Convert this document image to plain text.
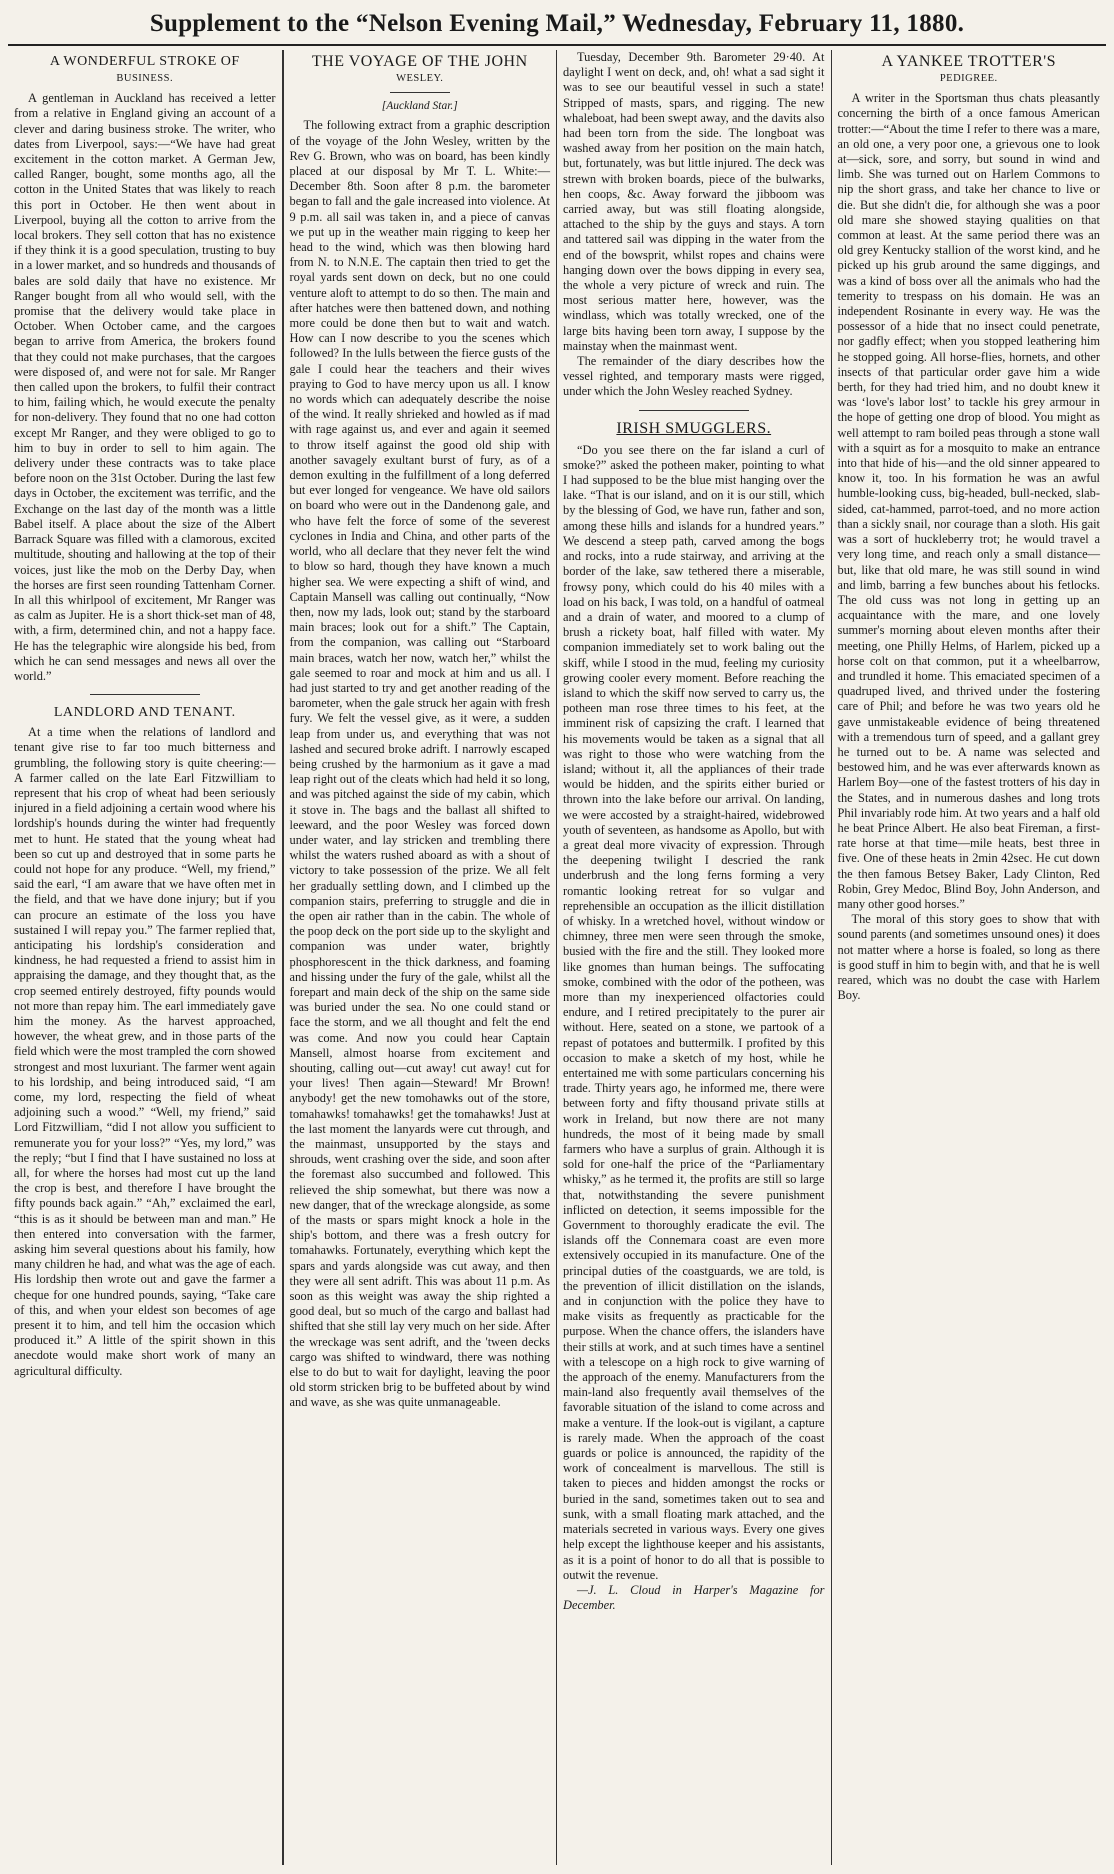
Supplement to the “Nelson Evening Mail,” Wednesday, February 11, 1880.
A WONDERFUL STROKE OF
BUSINESS.

A gentleman in Auckland has received a letter from a relative in England giving an account of a clever and daring business stroke. The writer, who dates from Liverpool, says:—“We have had great excitement in the cotton market. A German Jew, called Ranger, bought, some months ago, all the cotton in the United States that was likely to reach this port in October. He then went about in Liverpool, buying all the cotton to arrive from the local brokers. They sell cotton that has no existence if they think it is a good speculation, trusting to buy in a lower market, and so hundreds and thousands of bales are sold daily that have no existence. Mr Ranger bought from all who would sell, with the promise that the delivery would take place in October. When October came, and the cargoes began to arrive from America, the brokers found that they could not make purchases, that the cargoes were disposed of, and were not for sale. Mr Ranger then called upon the brokers, to fulfil their contract to him, failing which, he would execute the penalty for non-delivery. They found that no one had cotton except Mr Ranger, and they were obliged to go to him to buy in order to sell to him again. The delivery under these contracts was to take place before noon on the 31st October. During the last few days in October, the excitement was terrific, and the Exchange on the last day of the month was a little Babel itself. A place about the size of the Albert Barrack Square was filled with a clamorous, excited multitude, shouting and hallowing at the top of their voices, just like the mob on the Derby Day, when the horses are first seen rounding Tattenham Corner. In all this whirlpool of excitement, Mr Ranger was as calm as Jupiter. He is a short thick-set man of 48, with, a firm, determined chin, and not a happy face. He has the telegraphic wire alongside his bed, from which he can send messages and news all over the world.”

LANDLORD AND TENANT.

At a time when the relations of landlord and tenant give rise to far too much bitterness and grumbling, the following story is quite cheering:—A farmer called on the late Earl Fitzwilliam to represent that his crop of wheat had been seriously injured in a field adjoining a certain wood where his lordship's hounds during the winter had frequently met to hunt. He stated that the young wheat had been so cut up and destroyed that in some parts he could not hope for any produce. “Well, my friend,” said the earl, “I am aware that we have often met in the field, and that we have done injury; but if you can procure an estimate of the loss you have sustained I will repay you.” The farmer replied that, anticipating his lordship's consideration and kindness, he had requested a friend to assist him in appraising the damage, and they thought that, as the crop seemed entirely destroyed, fifty pounds would not more than repay him. The earl immediately gave him the money. As the harvest approached, however, the wheat grew, and in those parts of the field which were the most trampled the corn showed strongest and most luxuriant. The farmer went again to his lordship, and being introduced said, “I am come, my lord, respecting the field of wheat adjoining such a wood.” “Well, my friend,” said Lord Fitzwilliam, “did I not allow you sufficient to remunerate you for your loss?” “Yes, my lord,” was the reply; “but I find that I have sustained no loss at all, for where the horses had most cut up the land the crop is best, and therefore I have brought the fifty pounds back again.” “Ah,” exclaimed the earl, “this is as it should be between man and man.” He then entered into conversation with the farmer, asking him several questions about his family, how many children he had, and what was the age of each. His lordship then wrote out and gave the farmer a cheque for one hundred pounds, saying, “Take care of this, and when your eldest son becomes of age present it to him, and tell him the occasion which produced it.” A little of the spirit shown in this anecdote would make short work of many an agricultural difficulty.

THE VOYAGE OF THE JOHN
WESLEY.
[Auckland Star.]

The following extract from a graphic description of the voyage of the John Wesley, written by the Rev G. Brown, who was on board, has been kindly placed at our disposal by Mr T. L. White:—December 8th. Soon after 8 p.m. the barometer began to fall and the gale increased into violence. At 9 p.m. all sail was taken in, and a piece of canvas we put up in the weather main rigging to keep her head to the wind, which was then blowing hard from N. to N.N.E. The captain then tried to get the royal yards sent down on deck, but no one could venture aloft to attempt to do so then. The main and after hatches were then battened down, and nothing more could be done then but to wait and watch. How can I now describe to you the scenes which followed? In the lulls between the fierce gusts of the gale I could hear the teachers and their wives praying to God to have mercy upon us all. I know no words which can adequately describe the noise of the wind. It really shrieked and howled as if mad with rage against us, and ever and again it seemed to throw itself against the good old ship with another savagely exultant burst of fury, as of a demon exulting in the fulfillment of a long deferred but ever longed for vengeance. We have old sailors on board who were out in the Dandenong gale, and who have felt the force of some of the severest cyclones in India and China, and other parts of the world, who all declare that they never felt the wind to blow so hard, though they have known a much higher sea. We were expecting a shift of wind, and Captain Mansell was calling out continually, “Now then, now my lads, look out; stand by the starboard main braces; look out for a shift.” The Captain, from the companion, was calling out “Starboard main braces, watch her now, watch her,” whilst the gale seemed to roar and mock at him and us all. I had just started to try and get another reading of the barometer, when the gale struck her again with fresh fury. We felt the vessel give, as it were, a sudden leap from under us, and everything that was not lashed and secured broke adrift. I narrowly escaped being crushed by the harmonium as it gave a mad leap right out of the cleats which had held it so long, and was pitched against the side of my cabin, which it stove in. The bags and the ballast all shifted to leeward, and the poor Wesley was forced down under water, and lay stricken and trembling there whilst the waters rushed aboard as with a shout of victory to take possession of the prize. We all felt her gradually settling down, and I climbed up the companion stairs, preferring to struggle and die in the open air rather than in the cabin. The whole of the poop deck on the port side up to the skylight and companion was under water, brightly phosphorescent in the thick darkness, and foaming and hissing under the fury of the gale, whilst all the forepart and main deck of the ship on the same side was buried under the sea. No one could stand or face the storm, and we all thought and felt the end was come. And now you could hear Captain Mansell, almost hoarse from excitement and shouting, calling out—cut away! cut away! cut for your lives! Then again—Steward! Mr Brown! anybody! get the new tomohawks out of the store, tomahawks! tomahawks! get the tomahawks! Just at the last moment the lanyards were cut through, and the mainmast, unsupported by the stays and shrouds, went crashing over the side, and soon after the foremast also succumbed and followed. This relieved the ship somewhat, but there was now a new danger, that of the wreckage alongside, as some of the masts or spars might knock a hole in the ship's bottom, and there was a fresh outcry for tomahawks. Fortunately, everything which kept the spars and yards alongside was cut away, and then they were all sent adrift. This was about 11 p.m. As soon as this weight was away the ship righted a good deal, but so much of the cargo and ballast had shifted that she still lay very much on her side. After the wreckage was sent adrift, and the 'tween decks cargo was shifted to windward, there was nothing else to do but to wait for daylight, leaving the poor old storm stricken brig to be buffeted about by wind and wave, as she was quite unmanageable.

Tuesday, December 9th. Barometer 29·40. At daylight I went on deck, and, oh! what a sad sight it was to see our beautiful vessel in such a state! Stripped of masts, spars, and rigging. The new whaleboat, had been swept away, and the davits also had been torn from the side. The longboat was washed away from her position on the main hatch, but, fortunately, was but little injured. The deck was strewn with broken boards, piece of the bulwarks, hen coops, &c. Away forward the jibboom was carried away, but was still floating alongside, attached to the ship by the guys and stays. A torn and tattered sail was dipping in the water from the end of the bowsprit, whilst ropes and chains were hanging down over the bows dipping in every sea, the whole a very picture of wreck and ruin. The most serious matter here, however, was the windlass, which was totally wrecked, one of the large bits having been torn away, I suppose by the mainstay when the mainmast went.

The remainder of the diary describes how the vessel righted, and temporary masts were rigged, under which the John Wesley reached Sydney.

IRISH SMUGGLERS.

“Do you see there on the far island a curl of smoke?” asked the potheen maker, pointing to what I had supposed to be the blue mist hanging over the lake. “That is our island, and on it is our still, which by the blessing of God, we have run, father and son, among these hills and islands for a hundred years.” We descend a steep path, carved among the bogs and rocks, into a rude stairway, and arriving at the border of the lake, saw tethered there a miserable, frowsy pony, which could do his 40 miles with a load on his back, I was told, on a handful of oatmeal and a drain of water, and moored to a clump of brush a rickety boat, half filled with water. My companion immediately set to work baling out the skiff, while I stood in the mud, feeling my curiosity growing cooler every moment. Before reaching the island to which the skiff now served to carry us, the potheen man rose three times to his feet, at the imminent risk of capsizing the craft. I learned that his movements would be taken as a signal that all was right to those who were watching from the island; without it, all the appliances of their trade would be hidden, and the spirits either buried or thrown into the lake before our arrival. On landing, we were accosted by a straight-haired, widebrowed youth of seventeen, as handsome as Apollo, but with a great deal more vivacity of expression. Through the deepening twilight I descried the rank underbrush and the long ferns forming a very romantic looking retreat for so vulgar and reprehensible an occupation as the illicit distillation of whisky. In a wretched hovel, without window or chimney, three men were seen through the smoke, busied with the fire and the still. They looked more like gnomes than human beings. The suffocating smoke, combined with the odor of the potheen, was more than my inexperienced olfactories could endure, and I retired precipitately to the purer air without. Here, seated on a stone, we partook of a repast of potatoes and buttermilk. I profited by this occasion to make a sketch of my host, while he entertained me with some particulars concerning his trade. Thirty years ago, he informed me, there were between forty and fifty thousand private stills at work in Ireland, but now there are not many hundreds, the most of it being made by small farmers who have a surplus of grain. Although it is sold for one-half the price of the “Parliamentary whisky,” as he termed it, the profits are still so large that, notwithstanding the severe punishment inflicted on detection, it seems impossible for the Government to thoroughly eradicate the evil. The islands off the Connemara coast are even more extensively occupied in its manufacture. One of the principal duties of the coastguards, we are told, is the prevention of illicit distillation on the islands, and in conjunction with the police they have to make visits as frequently as practicable for the purpose. When the chance offers, the islanders have their stills at work, and at such times have a sentinel with a telescope on a high rock to give warning of the approach of the enemy. Manufacturers from the main-land also frequently avail themselves of the favorable situation of the island to come across and make a venture. If the look-out is vigilant, a capture is rarely made. When the approach of the coast guards or police is announced, the rapidity of the work of concealment is marvellous. The still is taken to pieces and hidden amongst the rocks or buried in the sand, sometimes taken out to sea and sunk, with a small floating mark attached, and the materials secreted in various ways. Every one gives help except the lighthouse keeper and his assistants, as it is a point of honor to do all that is possible to outwit the revenue.

—J. L. Cloud in Harper's Magazine for December.

A YANKEE TROTTER'S
PEDIGREE.

A writer in the Sportsman thus chats pleasantly concerning the birth of a once famous American trotter:—“About the time I refer to there was a mare, an old one, a very poor one, a grievous one to look at—sick, sore, and sorry, but sound in wind and limb. She was turned out on Harlem Commons to nip the short grass, and take her chance to live or die. But she didn't die, for although she was a poor old mare she showed staying qualities on that common at least. At the same period there was an old grey Kentucky stallion of the worst kind, and he picked up his grub around the same diggings, and was a kind of boss over all the animals who had the temerity to trespass on his domain. He was an independent Rosinante in every way. He was the possessor of a hide that no insect could penetrate, nor gadfly effect; when you stopped leathering him he stopped going. All horse-flies, hornets, and other insects of that particular order gave him a wide berth, for they had tried him, and no doubt knew it was ‘love's labor lost’ to tackle his grey armour in the hope of getting one drop of blood. You might as well attempt to ram boiled peas through a stone wall with a squirt as for a mosquito to make an entrance into that hide of his—and the old sinner appeared to know it, too. In his formation he was an awful humble-looking cuss, big-headed, bull-necked, slab-sided, cat-hammed, parrot-toed, and no more action than a sickly snail, nor courage than a sloth. His gait was a sort of huckleberry trot; he would travel a very long time, and reach only a small distance—but, like that old mare, he was still sound in wind and limb, barring a few bunches about his fetlocks. The old cuss was not long in getting up an acquaintance with the mare, and one lovely summer's morning about eleven months after their meeting, one Philly Helms, of Harlem, picked up a horse colt on that common, put it a wheelbarrow, and trundled it home. This emaciated specimen of a quadruped lived, and thrived under the fostering care of Phil; and before he was two years old he gave unmistakeable evidence of being threatened with a tremendous turn of speed, and a gallant grey he turned out to be. A name was selected and bestowed him, and he was ever afterwards known as Harlem Boy—one of the fastest trotters of his day in the States, and in numerous dashes and long trots Phil invariably rode him. At two years and a half old he beat Prince Albert. He also beat Fireman, a first-rate horse at that time—mile heats, best three in five. One of these heats in 2min 42sec. He cut down the then famous Betsey Baker, Lady Clinton, Red Robin, Grey Medoc, Blind Boy, John Anderson, and many other good horses.”

The moral of this story goes to show that with sound parents (and sometimes unsound ones) it does not matter where a horse is foaled, so long as there is good stuff in him to begin with, and that he is well reared, which was no doubt the case with Harlem Boy.
